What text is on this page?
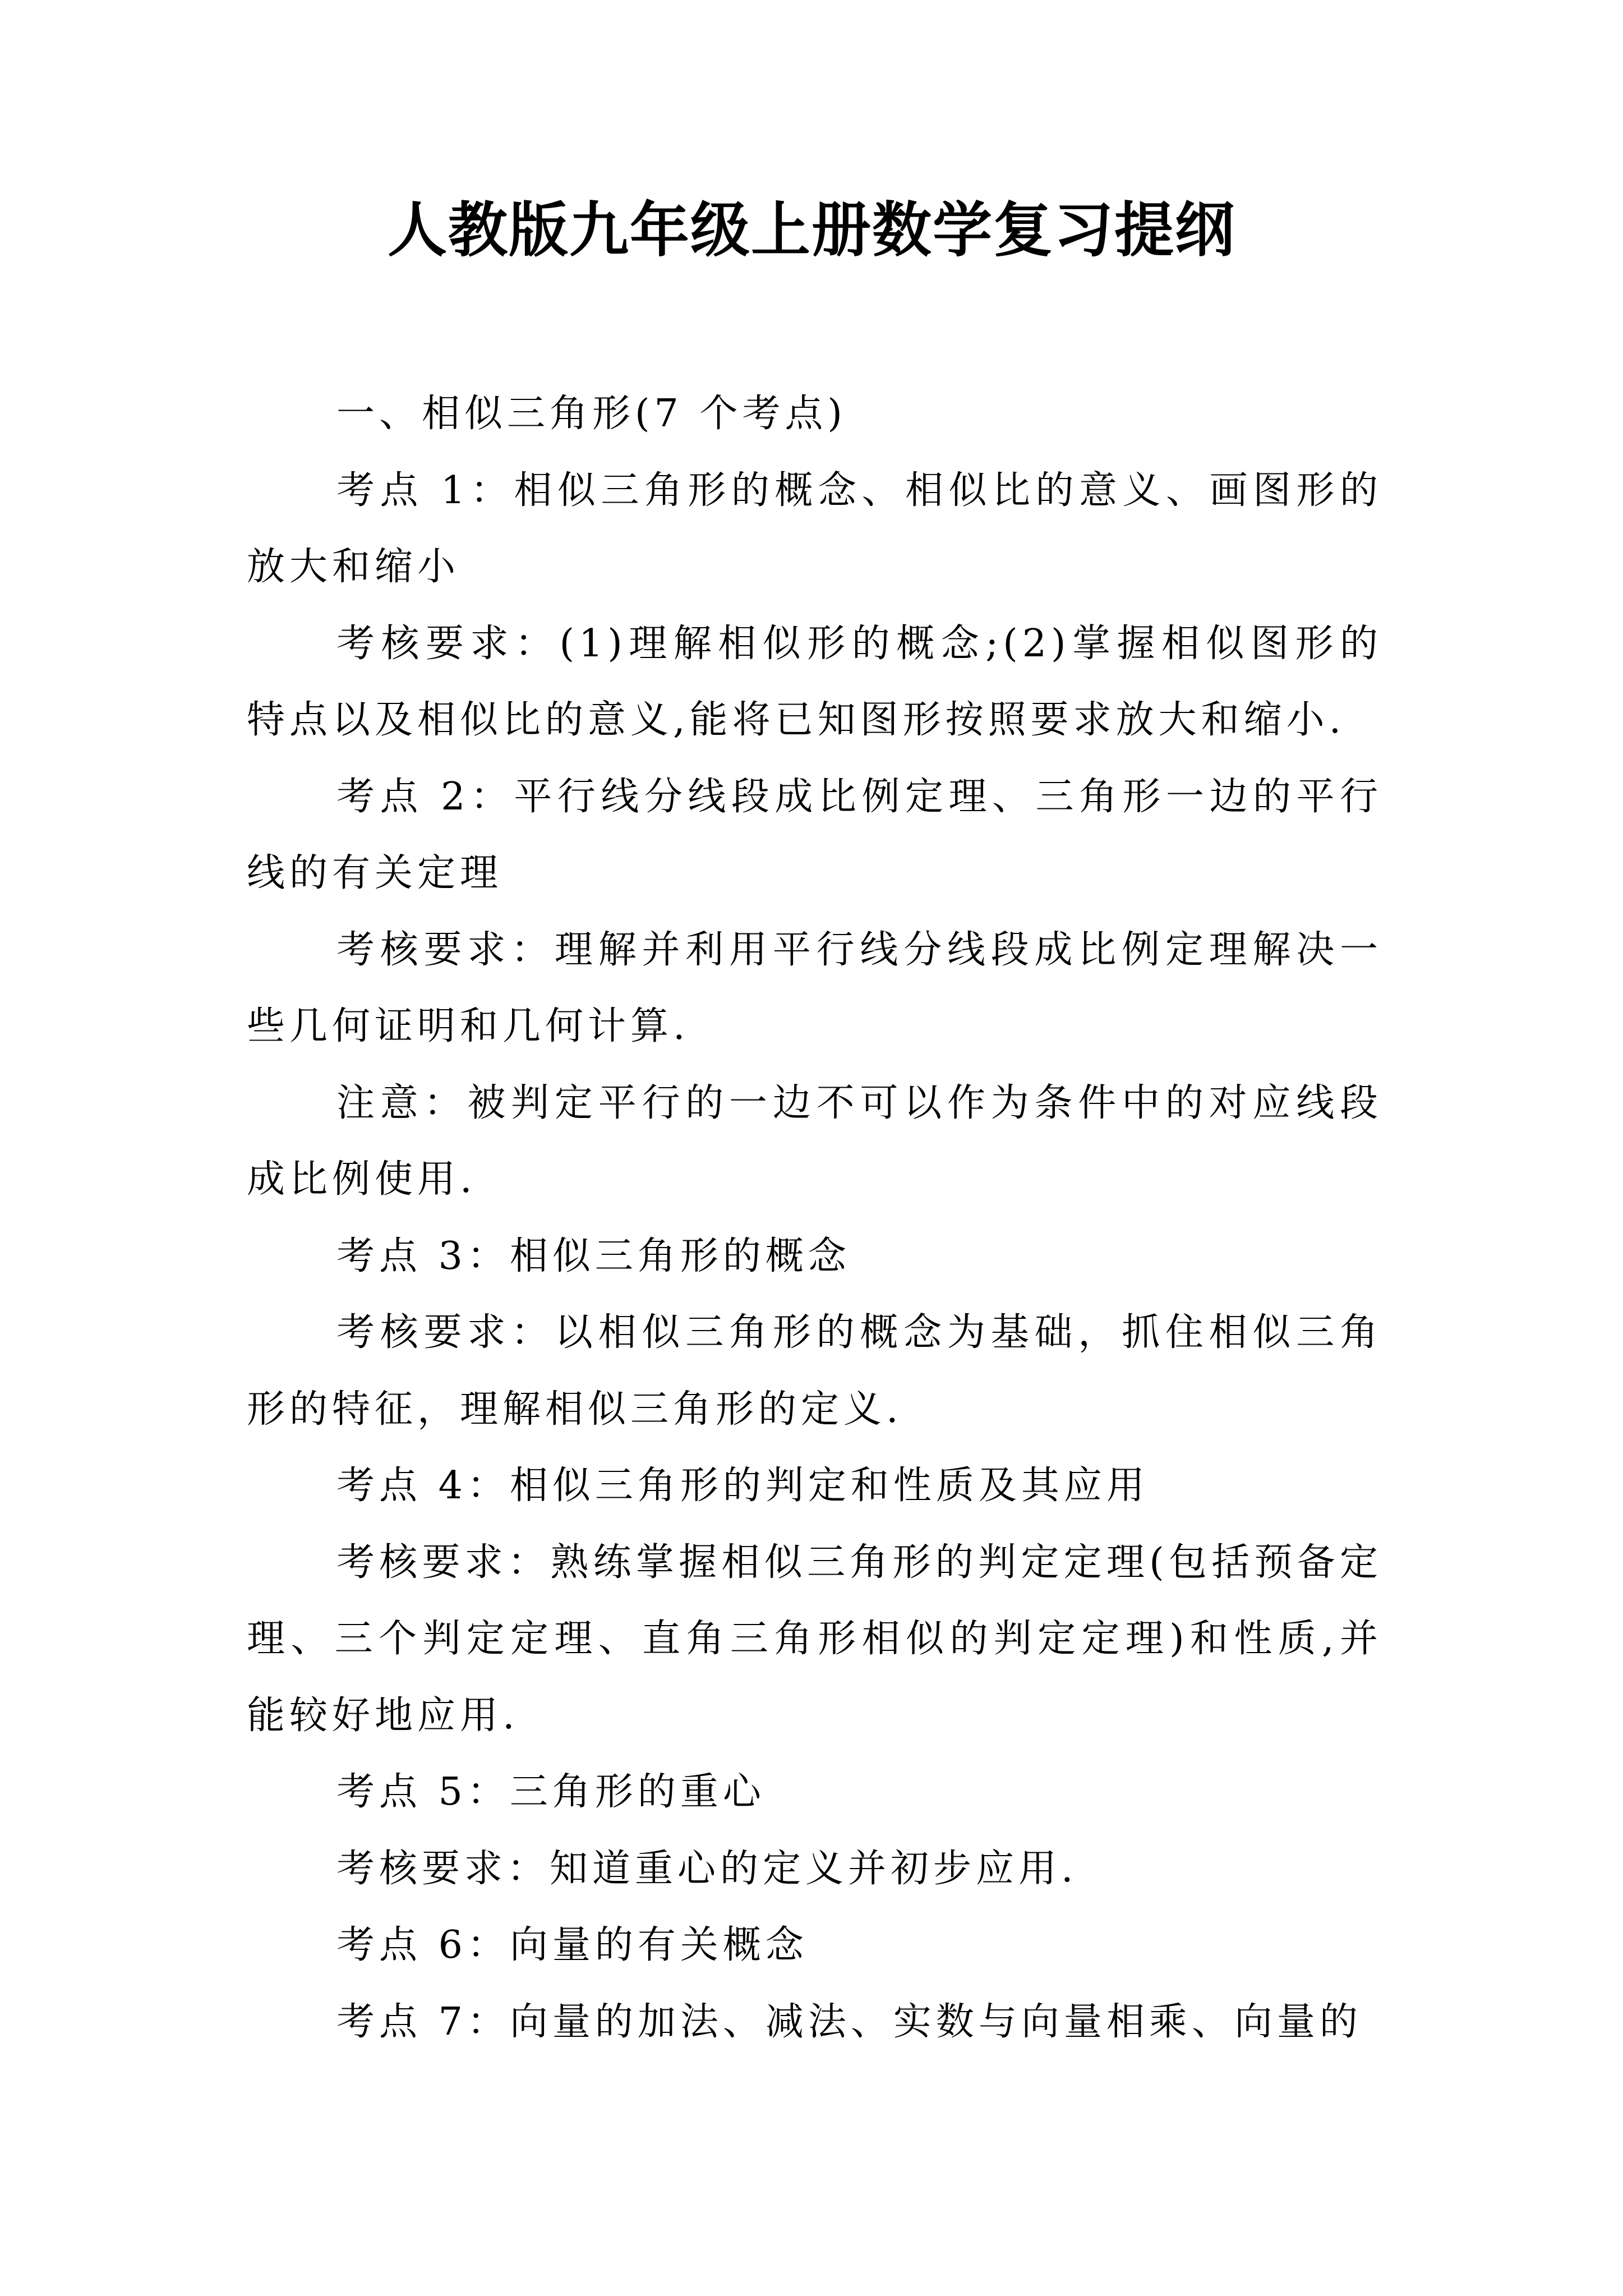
人教版九年级上册数学复习提纲

一、相似三角形(7 个考点)

考点 1：相似三角形的概念、相似比的意义、画图形的放大和缩小

考核要求：(1)理解相似形的概念;(2)掌握相似图形的特点以及相似比的意义,能将已知图形按照要求放大和缩小.

考点 2：平行线分线段成比例定理、三角形一边的平行线的有关定理

考核要求：理解并利用平行线分线段成比例定理解决一些几何证明和几何计算.

注意：被判定平行的一边不可以作为条件中的对应线段成比例使用.

考点 3：相似三角形的概念

考核要求：以相似三角形的概念为基础，抓住相似三角形的特征，理解相似三角形的定义.

考点 4：相似三角形的判定和性质及其应用

考核要求：熟练掌握相似三角形的判定定理(包括预备定理、三个判定定理、直角三角形相似的判定定理)和性质,并能较好地应用.

考点 5：三角形的重心

考核要求：知道重心的定义并初步应用.

考点 6：向量的有关概念

考点 7：向量的加法、减法、实数与向量相乘、向量的
